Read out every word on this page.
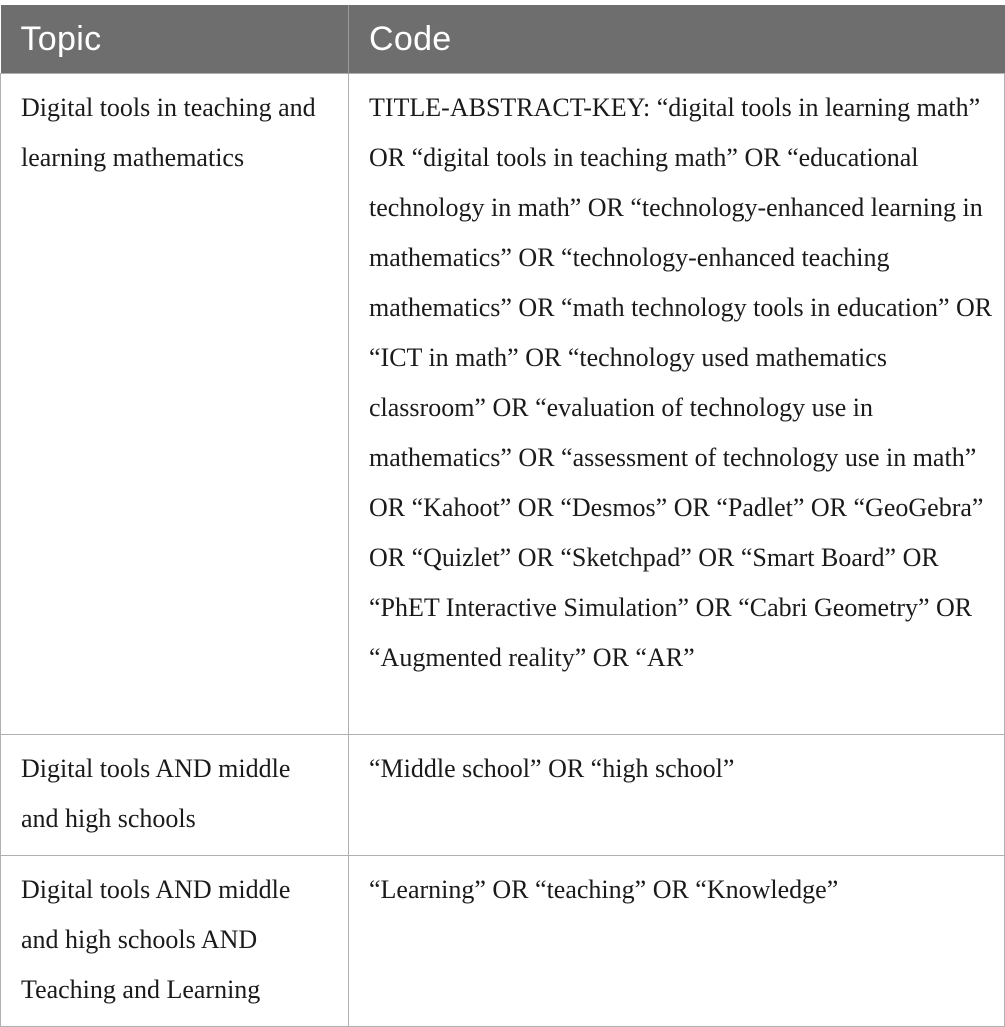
Topic	Code
Digital tools in teaching and learning mathematics	TITLE-ABSTRACT-KEY: “digital tools in learning math” OR “digital tools in teaching math” OR “educational technology in math” OR “technology-enhanced learning in mathematics” OR “technology-enhanced teaching mathematics” OR “math technology tools in education” OR “ICT in math” OR “technology used mathematics classroom” OR “evaluation of technology use in mathematics” OR “assessment of technology use in math” OR “Kahoot” OR “Desmos” OR “Padlet” OR “GeoGebra” OR “Quizlet” OR “Sketchpad” OR “Smart Board” OR “PhET Interactive Simulation” OR “Cabri Geometry” OR “Augmented reality” OR “AR”
Digital tools AND middle and high schools	“Middle school” OR “high school”
Digital tools AND middle and high schools AND Teaching and Learning	“Learning” OR “teaching” OR “Knowledge”
